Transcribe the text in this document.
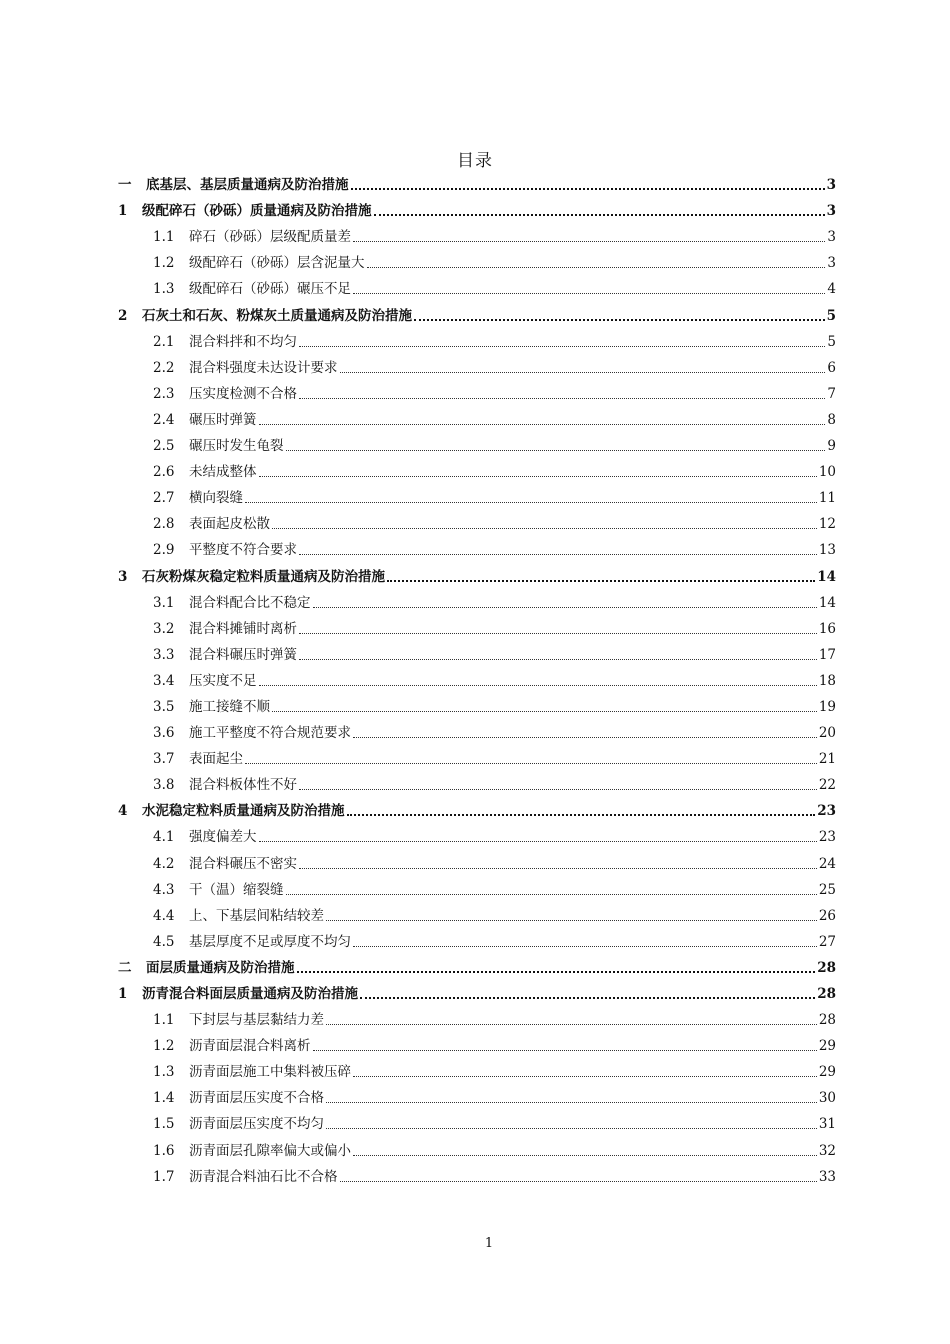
目录
一	底基层、基层质量通病及防治措施	3
1	级配碎石（砂砾）质量通病及防治措施	3
1.1	碎石（砂砾）层级配质量差	3
1.2	级配碎石（砂砾）层含泥量大	3
1.3	级配碎石（砂砾）碾压不足	4
2	石灰土和石灰、粉煤灰土质量通病及防治措施	5
2.1	混合料拌和不均匀	5
2.2	混合料强度未达设计要求	6
2.3	压实度检测不合格	7
2.4	碾压时弹簧	8
2.5	碾压时发生龟裂	9
2.6	未结成整体	10
2.7	横向裂缝	11
2.8	表面起皮松散	12
2.9	平整度不符合要求	13
3	石灰粉煤灰稳定粒料质量通病及防治措施	14
3.1	混合料配合比不稳定	14
3.2	混合料摊铺时离析	16
3.3	混合料碾压时弹簧	17
3.4	压实度不足	18
3.5	施工接缝不顺	19
3.6	施工平整度不符合规范要求	20
3.7	表面起尘	21
3.8	混合料板体性不好	22
4	水泥稳定粒料质量通病及防治措施	23
4.1	强度偏差大	23
4.2	混合料碾压不密实	24
4.3	干（温）缩裂缝	25
4.4	上、下基层间粘结较差	26
4.5	基层厚度不足或厚度不均匀	27
二	面层质量通病及防治措施	28
1	沥青混合料面层质量通病及防治措施	28
1.1	下封层与基层黏结力差	28
1.2	沥青面层混合料离析	29
1.3	沥青面层施工中集料被压碎	29
1.4	沥青面层压实度不合格	30
1.5	沥青面层压实度不均匀	31
1.6	沥青面层孔隙率偏大或偏小	32
1.7	沥青混合料油石比不合格	33
1
